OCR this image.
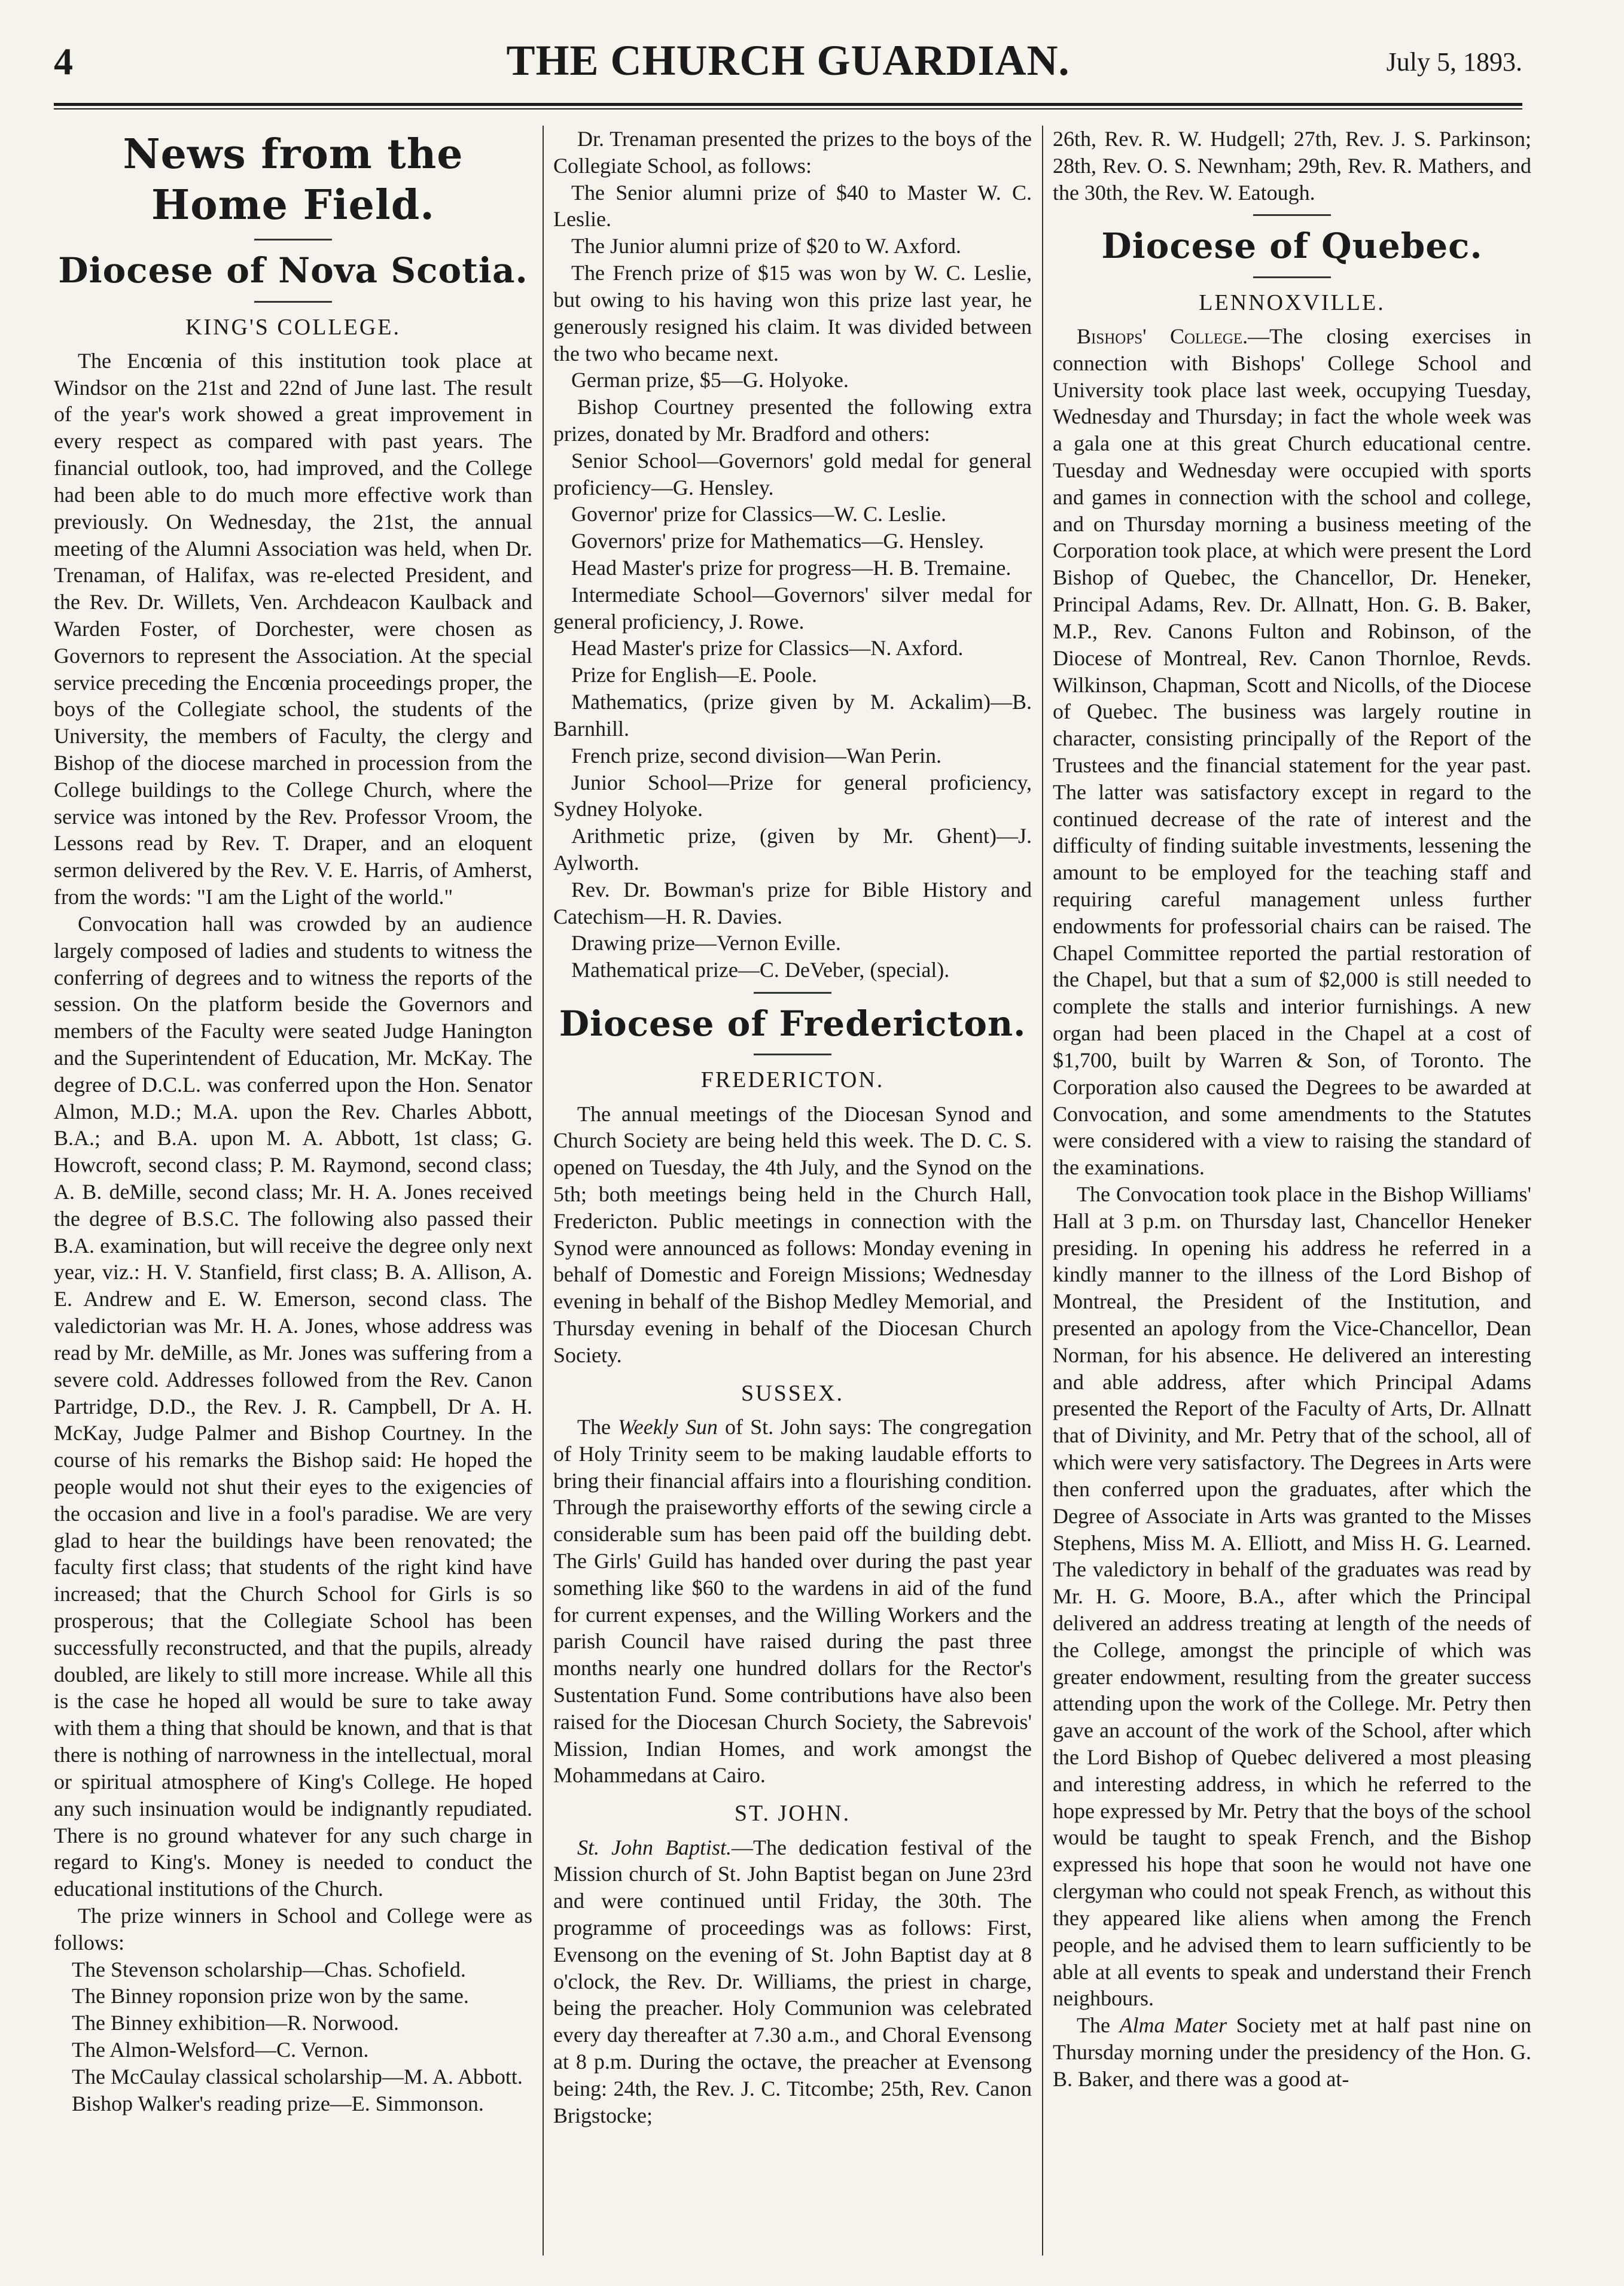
4	THE CHURCH GUARDIAN.	July 5, 1893.
News from the Home Field.
Diocese of Nova Scotia.
KING'S COLLEGE.

The Encœnia of this institution took place at Windsor on the 21st and 22nd of June last. The result of the year's work showed a great improvement in every respect as compared with past years. The financial outlook, too, had improved, and the College had been able to do much more effective work than previously. On Wednesday, the 21st, the annual meeting of the Alumni Association was held, when Dr. Trenaman, of Halifax, was re-elected President, and the Rev. Dr. Willets, Ven. Archdeacon Kaulback and Warden Foster, of Dorchester, were chosen as Governors to represent the Association. At the special service preceding the Encœnia proceedings proper, the boys of the Collegiate school, the students of the University, the members of Faculty, the clergy and Bishop of the diocese marched in procession from the College buildings to the College Church, where the service was intoned by the Rev. Professor Vroom, the Lessons read by Rev. T. Draper, and an eloquent sermon delivered by the Rev. V. E. Harris, of Amherst, from the words: "I am the Light of the world."

Convocation hall was crowded by an audience largely composed of ladies and students to witness the conferring of degrees and to witness the reports of the session. On the platform beside the Governors and members of the Faculty were seated Judge Hanington and the Superintendent of Education, Mr. McKay. The degree of D.C.L. was conferred upon the Hon. Senator Almon, M.D.; M.A. upon the Rev. Charles Abbott, B.A.; and B.A. upon M. A. Abbott, 1st class; G. Howcroft, second class; P. M. Raymond, second class; A. B. deMille, second class; Mr. H. A. Jones received the degree of B.S.C. The following also passed their B.A. examination, but will receive the degree only next year, viz.: H. V. Stanfield, first class; B. A. Allison, A. E. Andrew and E. W. Emerson, second class. The valedictorian was Mr. H. A. Jones, whose address was read by Mr. deMille, as Mr. Jones was suffering from a severe cold. Addresses followed from the Rev. Canon Partridge, D.D., the Rev. J. R. Campbell, Dr A. H. McKay, Judge Palmer and Bishop Courtney. In the course of his remarks the Bishop said: He hoped the people would not shut their eyes to the exigencies of the occasion and live in a fool's paradise. We are very glad to hear the buildings have been renovated; the faculty first class; that students of the right kind have increased; that the Church School for Girls is so prosperous; that the Collegiate School has been successfully reconstructed, and that the pupils, already doubled, are likely to still more increase. While all this is the case he hoped all would be sure to take away with them a thing that should be known, and that is that there is nothing of narrowness in the intellectual, moral or spiritual atmosphere of King's College. He hoped any such insinuation would be indignantly repudiated. There is no ground whatever for any such charge in regard to King's. Money is needed to conduct the educational institutions of the Church.

The prize winners in School and College were as follows:

The Stevenson scholarship—Chas. Schofield.

The Binney roponsion prize won by the same.

The Binney exhibition—R. Norwood.

The Almon-Welsford—C. Vernon.

The McCaulay classical scholarship—M. A. Abbott.

Bishop Walker's reading prize—E. Simmonson.

Dr. Trenaman presented the prizes to the boys of the Collegiate School, as follows:

The Senior alumni prize of $40 to Master W. C. Leslie.

The Junior alumni prize of $20 to W. Axford.

The French prize of $15 was won by W. C. Leslie, but owing to his having won this prize last year, he generously resigned his claim. It was divided between the two who became next.

German prize, $5—G. Holyoke.

Bishop Courtney presented the following extra prizes, donated by Mr. Bradford and others:

Senior School—Governors' gold medal for general proficiency—G. Hensley.

Governor' prize for Classics—W. C. Leslie.

Governors' prize for Mathematics—G. Hensley.

Head Master's prize for progress—H. B. Tremaine.

Intermediate School—Governors' silver medal for general proficiency, J. Rowe.

Head Master's prize for Classics—N. Axford.

Prize for English—E. Poole.

Mathematics, (prize given by M. Ackalim)—B. Barnhill.

French prize, second division—Wan Perin.

Junior School—Prize for general proficiency, Sydney Holyoke.

Arithmetic prize, (given by Mr. Ghent)—J. Aylworth.

Rev. Dr. Bowman's prize for Bible History and Catechism—H. R. Davies.

Drawing prize—Vernon Eville.

Mathematical prize—C. DeVeber, (special).

Diocese of Fredericton.
FREDERICTON.

The annual meetings of the Diocesan Synod and Church Society are being held this week. The D. C. S. opened on Tuesday, the 4th July, and the Synod on the 5th; both meetings being held in the Church Hall, Fredericton. Public meetings in connection with the Synod were announced as follows: Monday evening in behalf of Domestic and Foreign Missions; Wednesday evening in behalf of the Bishop Medley Memorial, and Thursday evening in behalf of the Diocesan Church Society.

SUSSEX.

The Weekly Sun of St. John says: The congregation of Holy Trinity seem to be making laudable efforts to bring their financial affairs into a flourishing condition. Through the praiseworthy efforts of the sewing circle a considerable sum has been paid off the building debt. The Girls' Guild has handed over during the past year something like $60 to the wardens in aid of the fund for current expenses, and the Willing Workers and the parish Council have raised during the past three months nearly one hundred dollars for the Rector's Sustentation Fund. Some contributions have also been raised for the Diocesan Church Society, the Sabrevois' Mission, Indian Homes, and work amongst the Mohammedans at Cairo.

ST. JOHN.

St. John Baptist.—The dedication festival of the Mission church of St. John Baptist began on June 23rd and were continued until Friday, the 30th. The programme of proceedings was as follows: First, Evensong on the evening of St. John Baptist day at 8 o'clock, the Rev. Dr. Williams, the priest in charge, being the preacher. Holy Communion was celebrated every day thereafter at 7.30 a.m., and Choral Evensong at 8 p.m. During the octave, the preacher at Evensong being: 24th, the Rev. J. C. Titcombe; 25th, Rev. Canon Brigstocke;

26th, Rev. R. W. Hudgell; 27th, Rev. J. S. Parkinson; 28th, Rev. O. S. Newnham; 29th, Rev. R. Mathers, and the 30th, the Rev. W. Eatough.

Diocese of Quebec.
LENNOXVILLE.

Bishops' College.—The closing exercises in connection with Bishops' College School and University took place last week, occupying Tuesday, Wednesday and Thursday; in fact the whole week was a gala one at this great Church educational centre. Tuesday and Wednesday were occupied with sports and games in connection with the school and college, and on Thursday morning a business meeting of the Corporation took place, at which were present the Lord Bishop of Quebec, the Chancellor, Dr. Heneker, Principal Adams, Rev. Dr. Allnatt, Hon. G. B. Baker, M.P., Rev. Canons Fulton and Robinson, of the Diocese of Montreal, Rev. Canon Thornloe, Revds. Wilkinson, Chapman, Scott and Nicolls, of the Diocese of Quebec. The business was largely routine in character, consisting principally of the Report of the Trustees and the financial statement for the year past. The latter was satisfactory except in regard to the continued decrease of the rate of interest and the difficulty of finding suitable investments, lessening the amount to be employed for the teaching staff and requiring careful management unless further endowments for professorial chairs can be raised. The Chapel Committee reported the partial restoration of the Chapel, but that a sum of $2,000 is still needed to complete the stalls and interior furnishings. A new organ had been placed in the Chapel at a cost of $1,700, built by Warren & Son, of Toronto. The Corporation also caused the Degrees to be awarded at Convocation, and some amendments to the Statutes were considered with a view to raising the standard of the examinations.

The Convocation took place in the Bishop Williams' Hall at 3 p.m. on Thursday last, Chancellor Heneker presiding. In opening his address he referred in a kindly manner to the illness of the Lord Bishop of Montreal, the President of the Institution, and presented an apology from the Vice-Chancellor, Dean Norman, for his absence. He delivered an interesting and able address, after which Principal Adams presented the Report of the Faculty of Arts, Dr. Allnatt that of Divinity, and Mr. Petry that of the school, all of which were very satisfactory. The Degrees in Arts were then conferred upon the graduates, after which the Degree of Associate in Arts was granted to the Misses Stephens, Miss M. A. Elliott, and Miss H. G. Learned. The valedictory in behalf of the graduates was read by Mr. H. G. Moore, B.A., after which the Principal delivered an address treating at length of the needs of the College, amongst the principle of which was greater endowment, resulting from the greater success attending upon the work of the College. Mr. Petry then gave an account of the work of the School, after which the Lord Bishop of Quebec delivered a most pleasing and interesting address, in which he referred to the hope expressed by Mr. Petry that the boys of the school would be taught to speak French, and the Bishop expressed his hope that soon he would not have one clergyman who could not speak French, as without this they appeared like aliens when among the French people, and he advised them to learn sufficiently to be able at all events to speak and understand their French neighbours.

The Alma Mater Society met at half past nine on Thursday morning under the presidency of the Hon. G. B. Baker, and there was a good at-
